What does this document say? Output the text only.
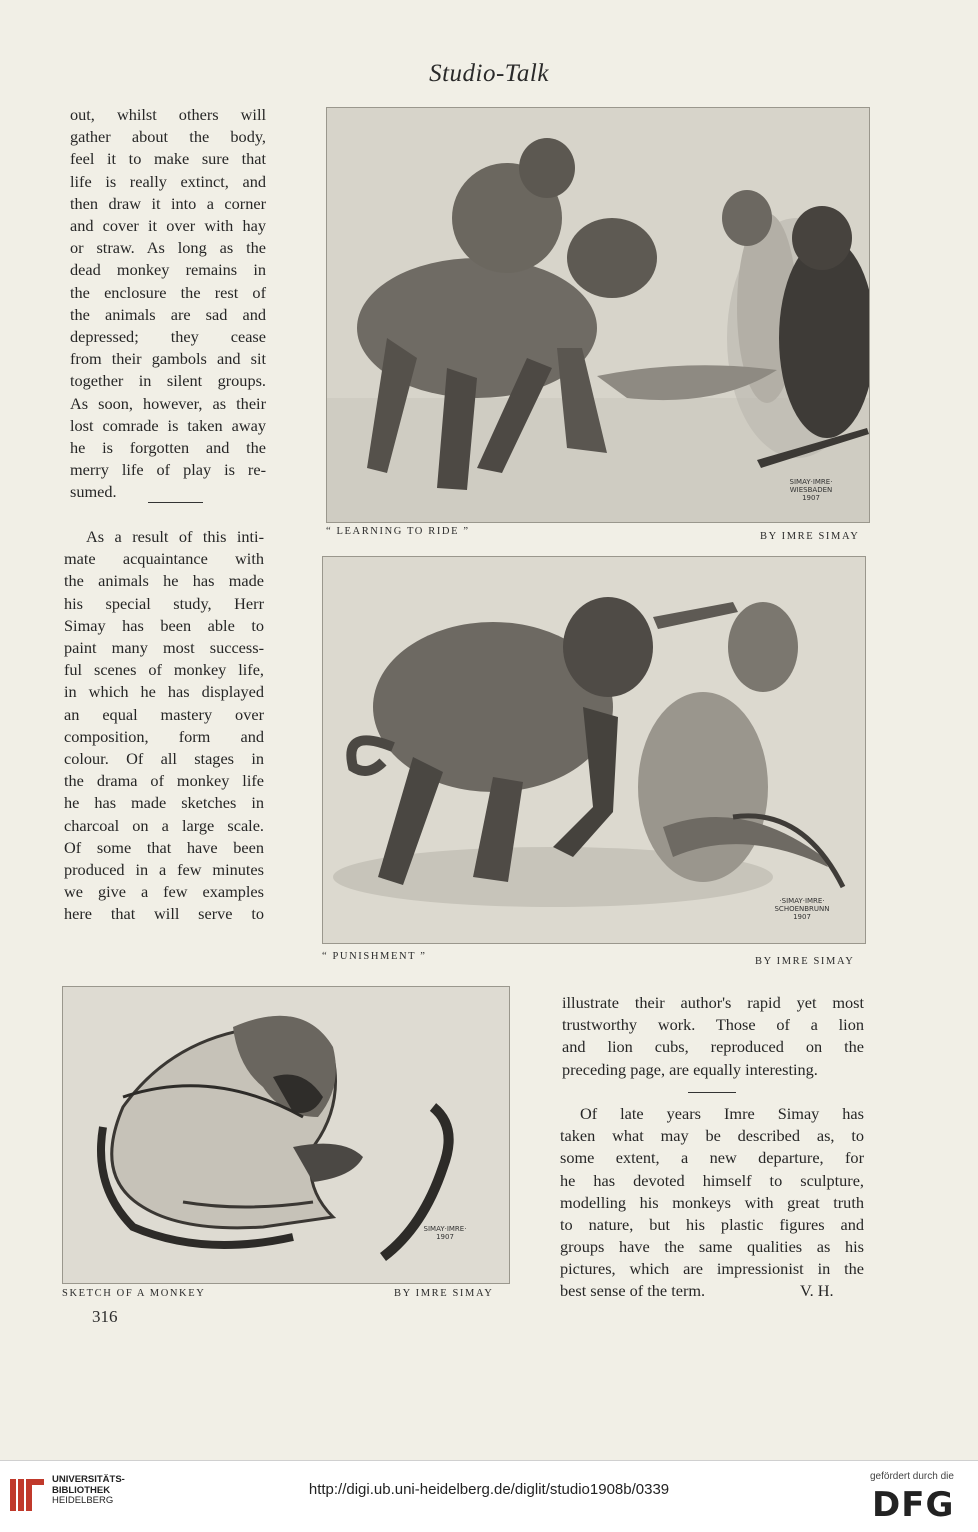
Studio-Talk
out, whilst others will
gather about the body,
feel it to make sure that
life is really extinct, and
then draw it into a corner
and cover it over with hay
or straw. As long as the
dead monkey remains in
the enclosure the rest of
the animals are sad and
depressed; they cease
from their gambols and sit
together in silent groups.
As soon, however, as their
lost comrade is taken away
he is forgotten and the
merry life of play is re-
sumed.
As a result of this inti-
mate acquaintance with
the animals he has made
his special study, Herr
Simay has been able to
paint many most success-
ful scenes of monkey life,
in which he has displayed
an equal mastery over
composition, form and
colour. Of all stages in
the drama of monkey life
he has made sketches in
charcoal on a large scale.
Of some that have been
produced in a few minutes
we give a few examples
here that will serve to
SIMAY·IMRE·
WIESBADEN
1907
“ LEARNING TO RIDE ”	BY IMRE SIMAY
·SIMAY·IMRE·
SCHOENBRUNN
1907
“ PUNISHMENT ”	BY IMRE SIMAY
SIMAY·IMRE·
1907
SKETCH OF A MONKEY	BY IMRE SIMAY
316
illustrate their author's rapid yet most
trustworthy work. Those of a lion
and lion cubs, reproduced on the
preceding page, are equally interesting.
Of late years Imre Simay has
taken what may be described as, to
some extent, a new departure, for
he has devoted himself to sculpture,
modelling his monkeys with great truth
to nature, but his plastic figures and
groups have the same qualities as his
pictures, which are impressionist in the
best sense of the term.	V. H.
UNIVERSITÄTS-
BIBLIOTHEK
HEIDELBERG
http://digi.ub.uni-heidelberg.de/diglit/studio1908b/0339
gefördert durch die
DFG
